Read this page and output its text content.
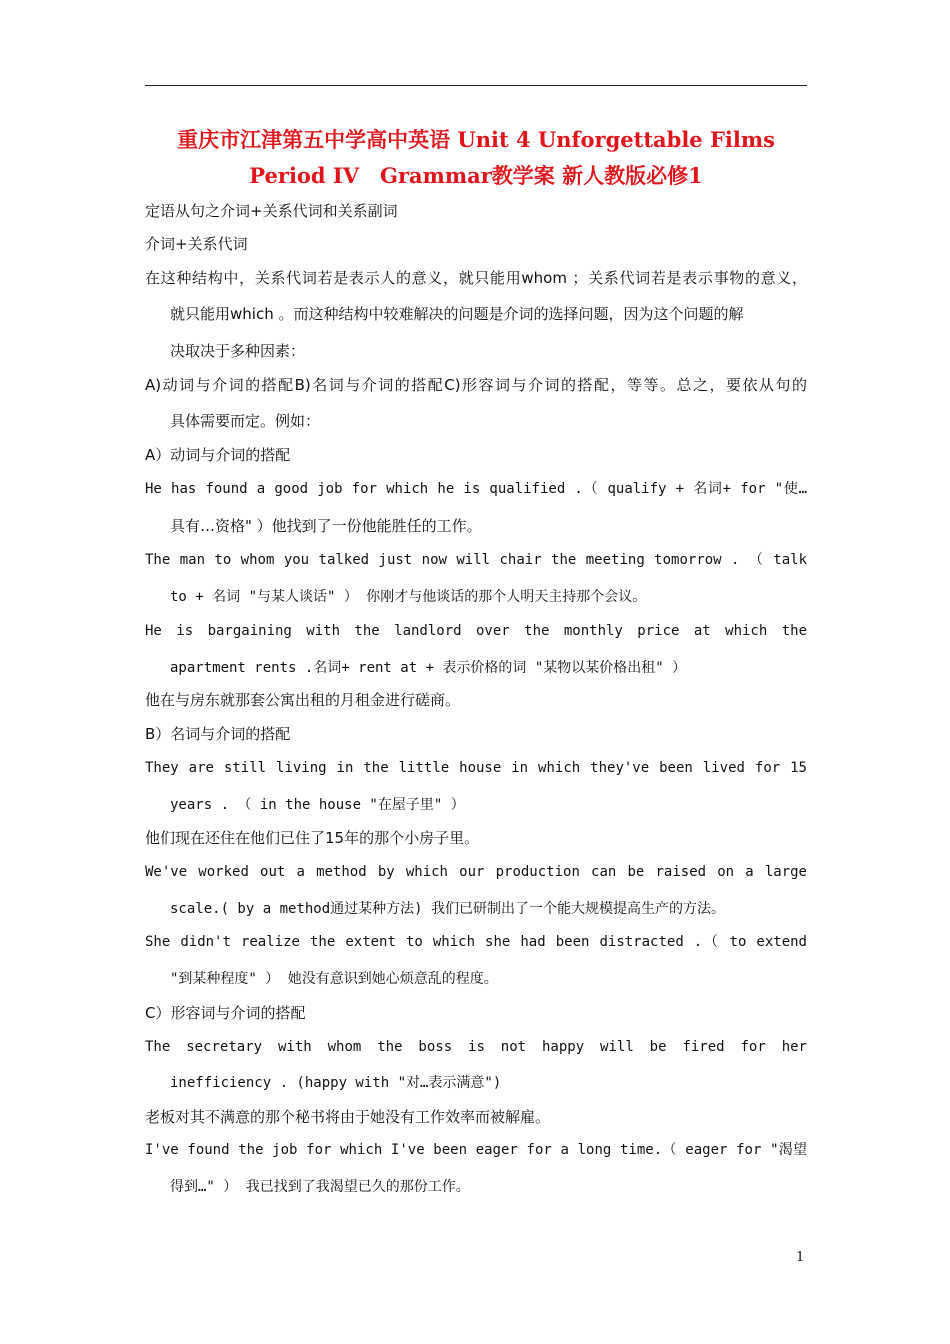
重庆市江津第五中学高中英语 Unit 4 Unforgettable Films
Period IV　Grammar教学案 新人教版必修1
定语从句之介词+关系代词和关系副词
介词+关系代词
在这种结构中，关系代词若是表示人的意义，就只能用whom ；关系代词若是表示事物的意义，
就只能用which 。而这种结构中较难解决的问题是介词的选择问题，因为这个问题的解
决取决于多种因素：
A)动词与介词的搭配B)名词与介词的搭配C)形容词与介词的搭配，等等。总之，要依从句的
具体需要而定。例如：
A）动词与介词的搭配
He has found a good job for which he is qualified .（ qualify + 名词+ for "使…
具有…资格" ）他找到了一份他能胜任的工作。
The man to whom you talked just now will chair the meeting tomorrow . （ talk
to + 名词 "与某人谈话" ） 你刚才与他谈话的那个人明天主持那个会议。
He is bargaining with the landlord over the monthly price at which the
apartment rents .名词+ rent at + 表示价格的词 "某物以某价格出租" ）
他在与房东就那套公寓出租的月租金进行磋商。
B）名词与介词的搭配
They are still living in the little house in which they've been lived for 15
years . （ in the house "在屋子里" ）
他们现在还住在他们已住了15年的那个小房子里。
We've worked out a method by which our production can be raised on a large
scale.( by a method通过某种方法) 我们已研制出了一个能大规模提高生产的方法。
She didn't realize the extent to which she had been distracted .（ to extend
"到某种程度" ） 她没有意识到她心烦意乱的程度。
C）形容词与介词的搭配
The secretary with whom the boss is not happy will be fired for her
inefficiency . (happy with "对…表示满意")
老板对其不满意的那个秘书将由于她没有工作效率而被解雇。
I've found the job for which I've been eager for a long time.（ eager for "渴望
得到…" ） 我已找到了我渴望已久的那份工作。
1
